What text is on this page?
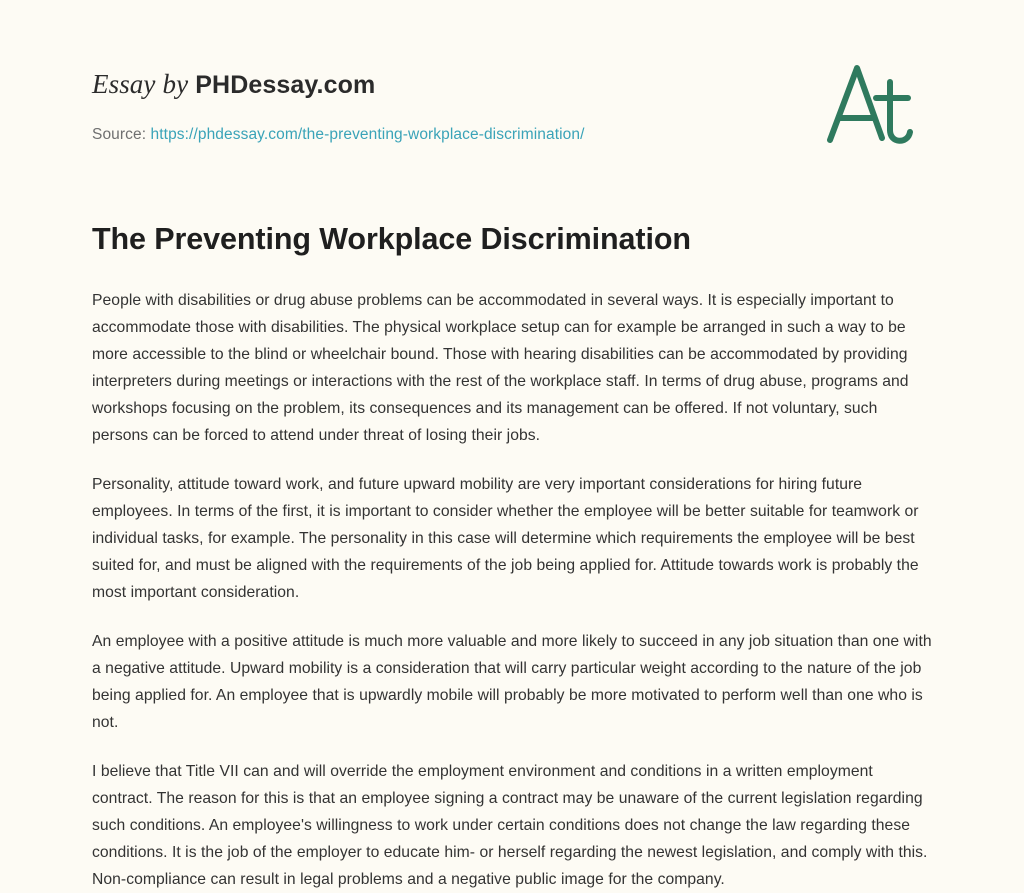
Essay by PHDessay.com
Source: https://phdessay.com/the-preventing-workplace-discrimination/
The Preventing Workplace Discrimination

People with disabilities or drug abuse problems can be accommodated in several ways. It is especially important to accommodate those with disabilities. The physical workplace setup can for example be arranged in such a way to be more accessible to the blind or wheelchair bound. Those with hearing disabilities can be accommodated by providing interpreters during meetings or interactions with the rest of the workplace staff. In terms of drug abuse, programs and workshops focusing on the problem, its consequences and its management can be offered. If not voluntary, such persons can be forced to attend under threat of losing their jobs.

Personality, attitude toward work, and future upward mobility are very important considerations for hiring future employees. In terms of the first, it is important to consider whether the employee will be better suitable for teamwork or individual tasks, for example. The personality in this case will determine which requirements the employee will be best suited for, and must be aligned with the requirements of the job being applied for. Attitude towards work is probably the most important consideration.

An employee with a positive attitude is much more valuable and more likely to succeed in any job situation than one with a negative attitude. Upward mobility is a consideration that will carry particular weight according to the nature of the job being applied for. An employee that is upwardly mobile will probably be more motivated to perform well than one who is not.

I believe that Title VII can and will override the employment environment and conditions in a written employment contract. The reason for this is that an employee signing a contract may be unaware of the current legislation regarding such conditions. An employee's willingness to work under certain conditions does not change the law regarding these conditions. It is the job of the employer to educate him- or herself regarding the newest legislation, and comply with this. Non-compliance can result in legal problems and a negative public image for the company.
